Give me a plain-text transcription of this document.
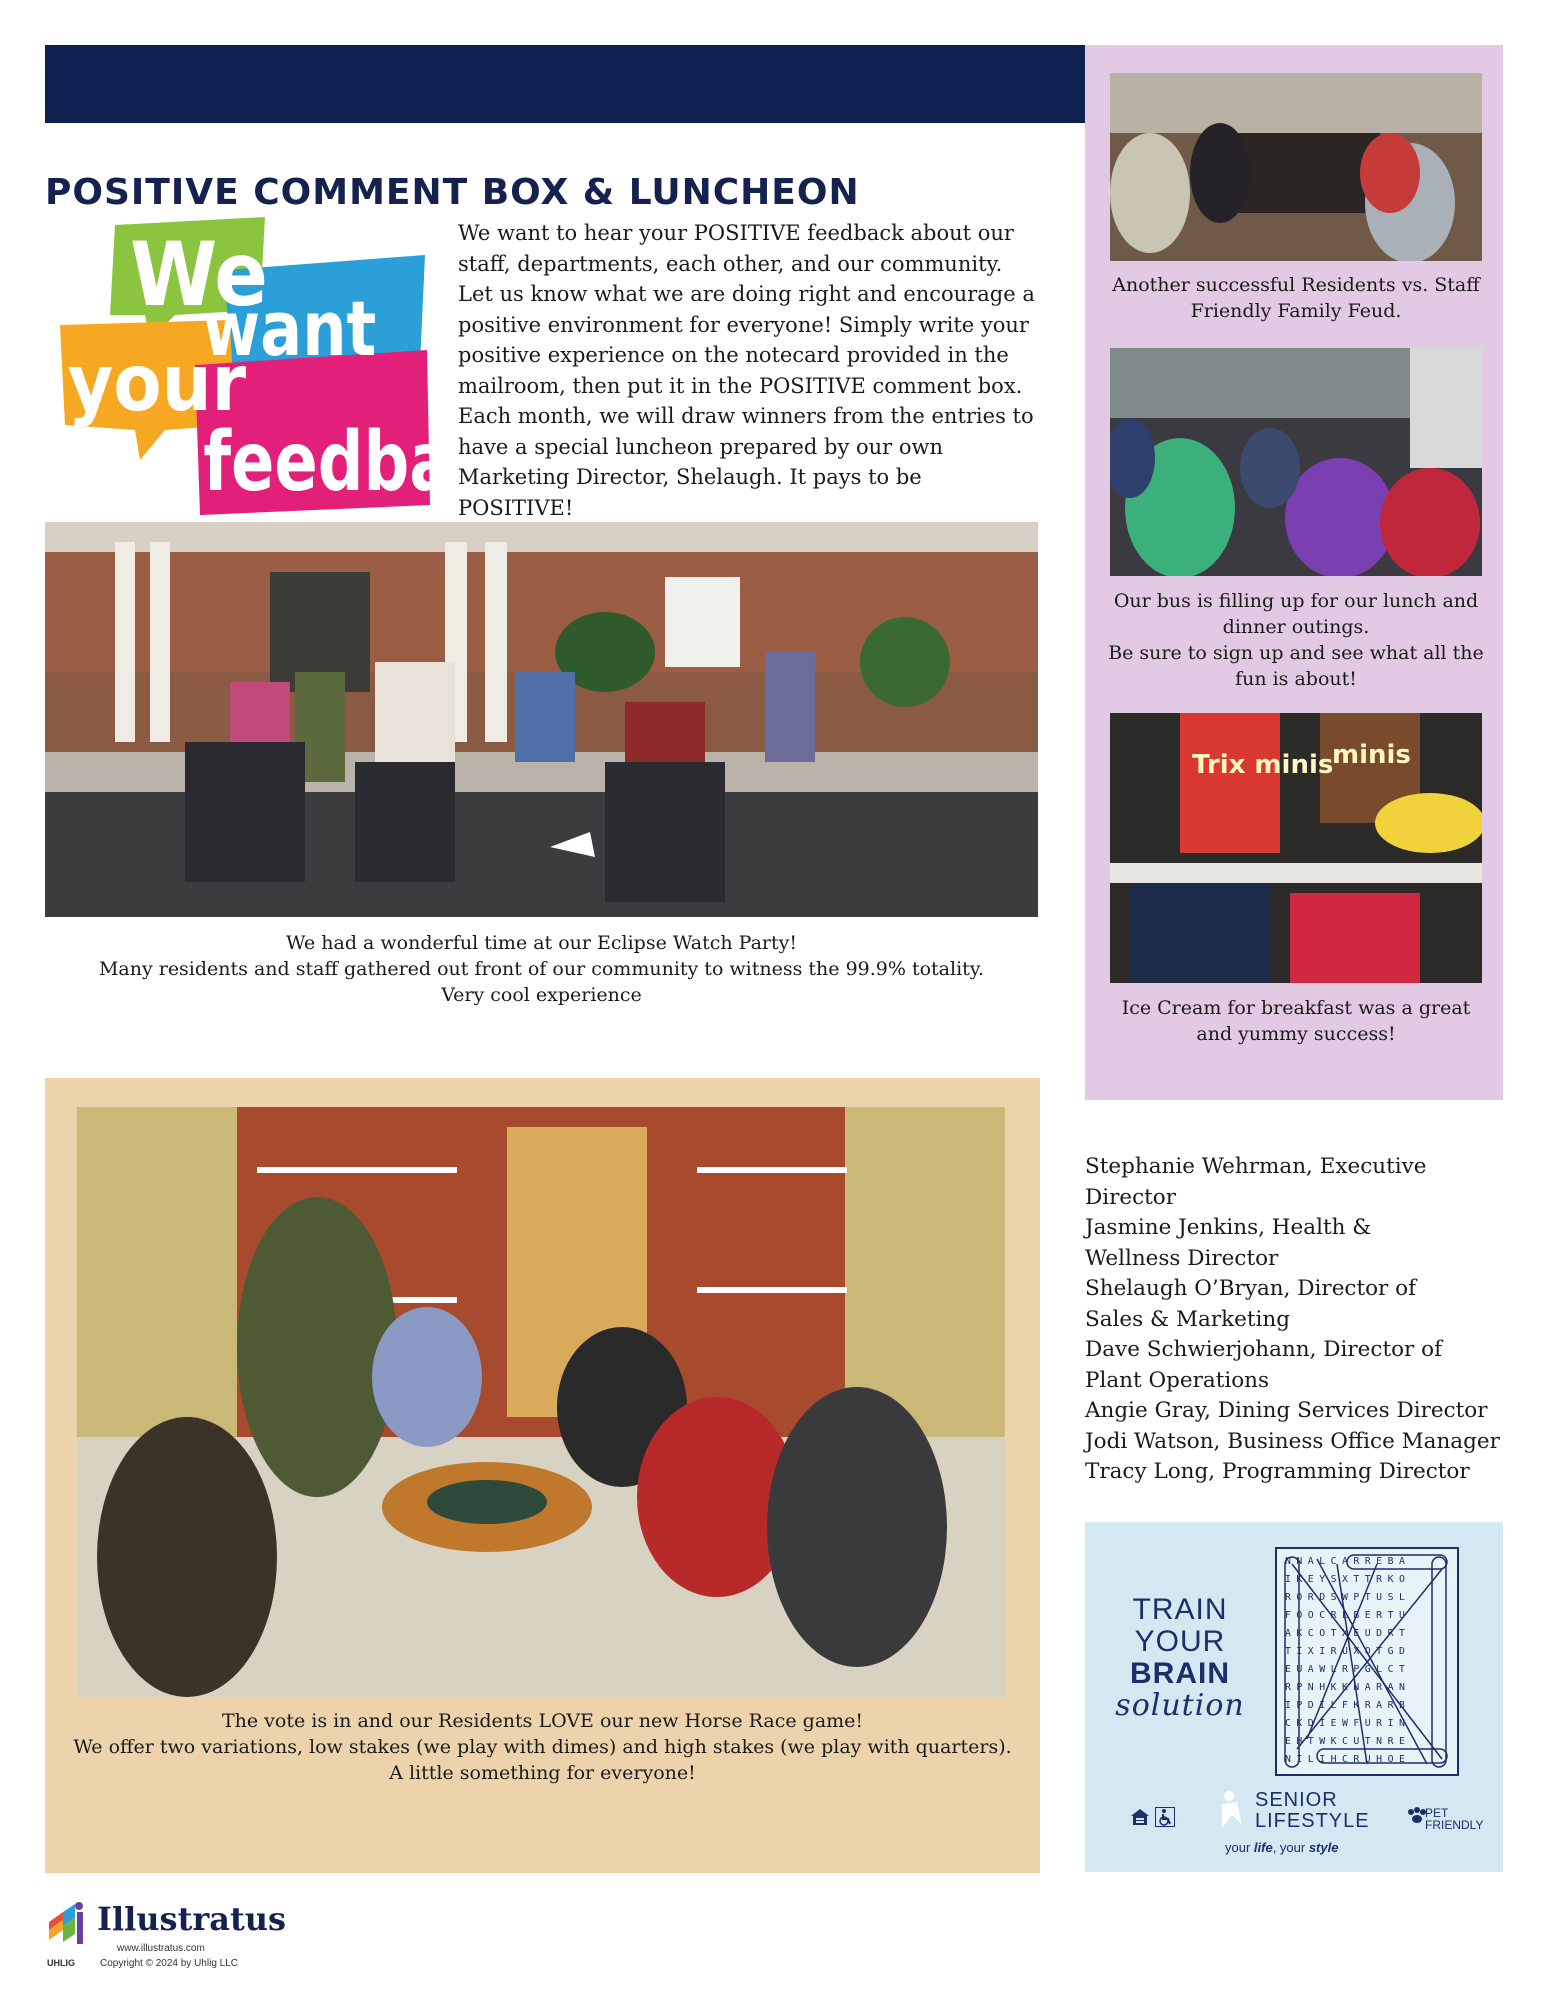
POSITIVE COMMENT BOX & LUNCHEON
We
want
your
feedb

We want to hear your POSITIVE feedback about our staff, departments, each other, and our community. Let us know what we are doing right and encourage a positive environment for everyone! Simply write your positive experience on the notecard provided in the mailroom, then put it in the POSITIVE comment box. Each month, we will draw winners from the entries to have a special luncheon prepared by our own Marketing Director, Shelaugh. It pays to be POSITIVE!

We had a wonderful time at our Eclipse Watch Party!
Many residents and staff gathered out front of our community to witness the 99.9% totality.
Very cool experience
Another successful Residents vs. Staff Friendly Family Feud.
Our bus is filling up for our lunch and dinner outings.
Be sure to sign up and see what all the fun is about!
Trix minis
minis
Ice Cream for breakfast was a great and yummy success!
The vote is in and our Residents LOVE our new Horse Race game!
We offer two variations, low stakes (we play with dimes) and high stakes (we play with quarters).
A little something for everyone!
Stephanie Wehrman, Executive Director
Jasmine Jenkins, Health & Wellness Director
Shelaugh O’Bryan, Director of Sales & Marketing
Dave Schwierjohann, Director of Plant Operations
Angie Gray, Dining Services Director
Jodi Watson, Business Office Manager
Tracy Long, Programming Director
TRAIN
YOUR
BRAIN
solution
NNALCARREBA
IKEYSXTTRKO
RORDSWPTUSL
FOOCRLBERTU
AKCOTXEUDRT
TIXIRUXOTGD
EUAWLRPGLCT
RPNHKKNARAN
IPDILFKRARB
CKDIEWFURIN
EHTWKCUTNRE
NILIHCRUHOE
SENIOR
LIFESTYLE
your life, your style
PET
FRIENDLY
Illustratus
www.illustratus.com
UHLIG	Copyright © 2024 by Uhlig LLC
